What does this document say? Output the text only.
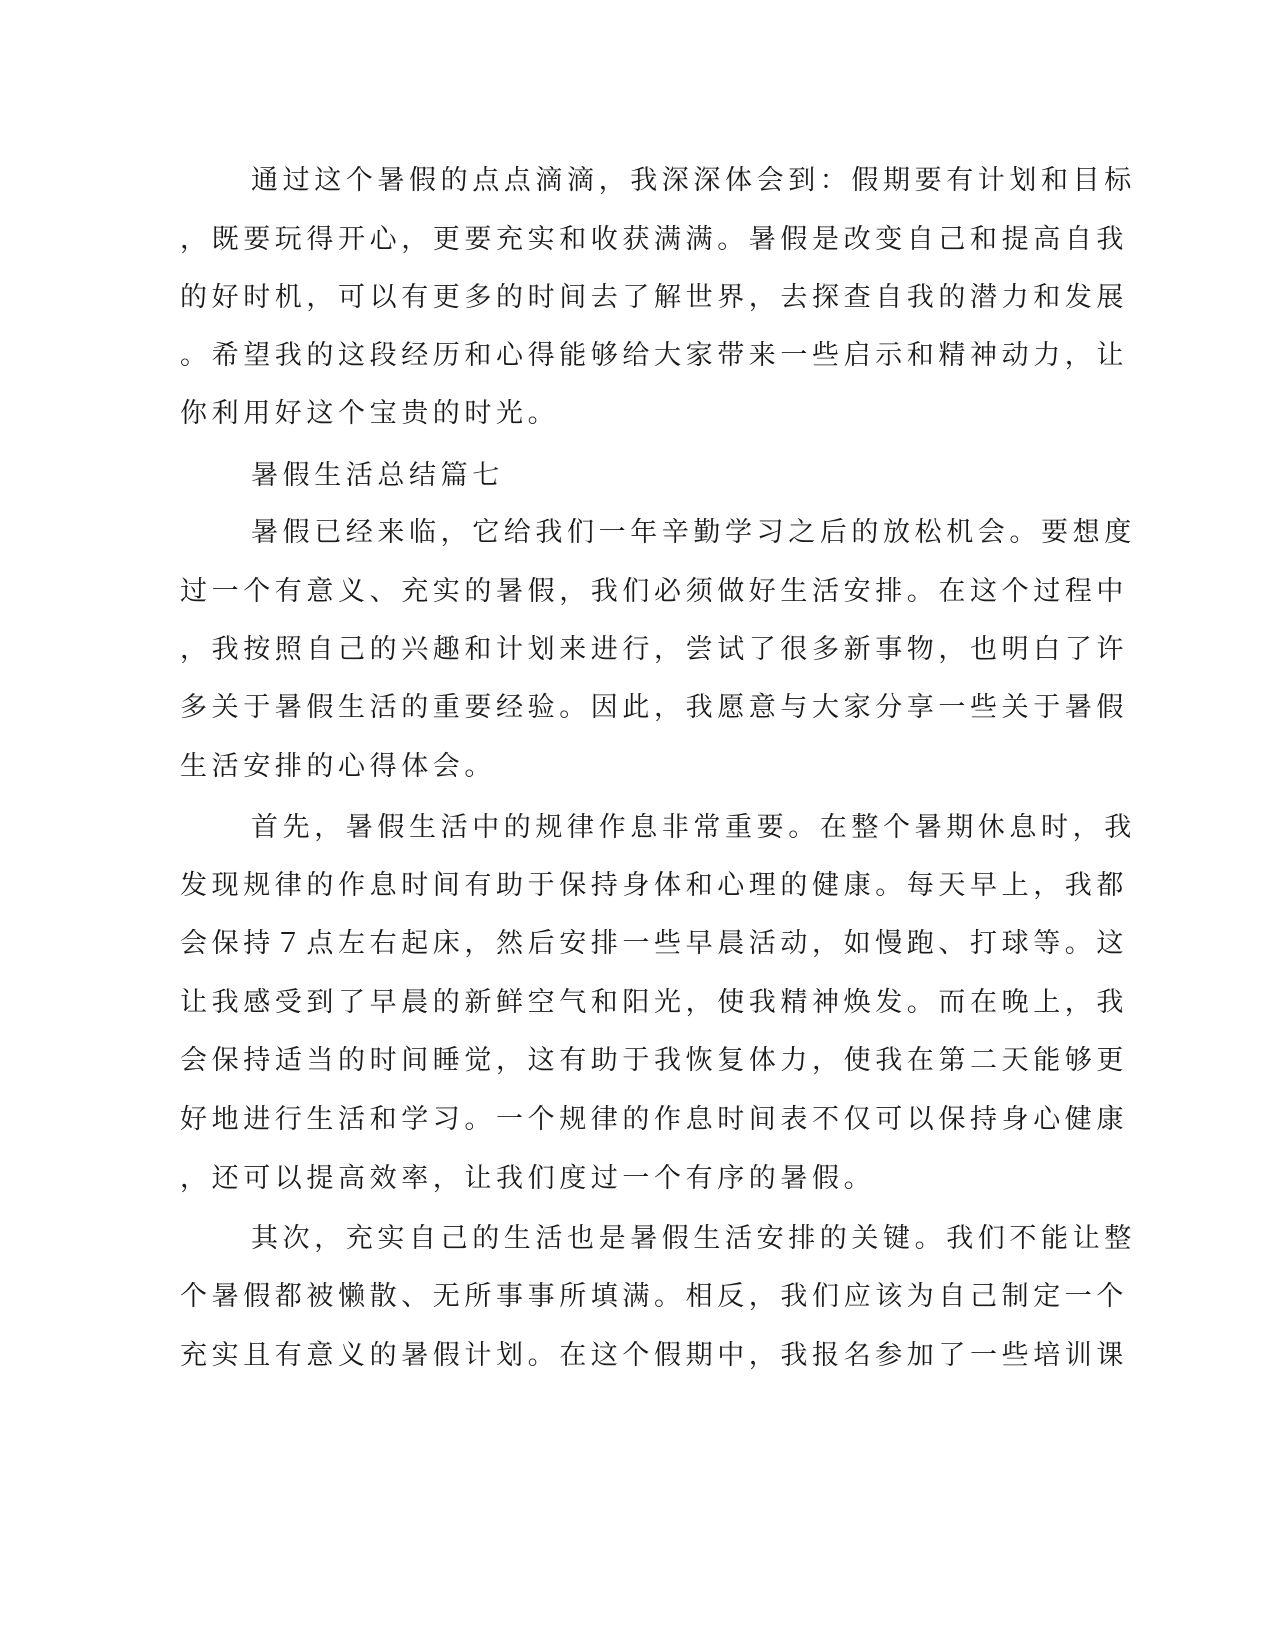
通过这个暑假的点点滴滴，我深深体会到：假期要有计划和目标
，既要玩得开心，更要充实和收获满满。暑假是改变自己和提高自我
的好时机，可以有更多的时间去了解世界，去探查自我的潜力和发展
。希望我的这段经历和心得能够给大家带来一些启示和精神动力，让
你利用好这个宝贵的时光。
暑假生活总结篇七
暑假已经来临，它给我们一年辛勤学习之后的放松机会。要想度
过一个有意义、充实的暑假，我们必须做好生活安排。在这个过程中
，我按照自己的兴趣和计划来进行，尝试了很多新事物，也明白了许
多关于暑假生活的重要经验。因此，我愿意与大家分享一些关于暑假
生活安排的心得体会。
首先，暑假生活中的规律作息非常重要。在整个暑期休息时，我
发现规律的作息时间有助于保持身体和心理的健康。每天早上，我都
会保持７点左右起床，然后安排一些早晨活动，如慢跑、打球等。这
让我感受到了早晨的新鲜空气和阳光，使我精神焕发。而在晚上，我
会保持适当的时间睡觉，这有助于我恢复体力，使我在第二天能够更
好地进行生活和学习。一个规律的作息时间表不仅可以保持身心健康
，还可以提高效率，让我们度过一个有序的暑假。
其次，充实自己的生活也是暑假生活安排的关键。我们不能让整
个暑假都被懒散、无所事事所填满。相反，我们应该为自己制定一个
充实且有意义的暑假计划。在这个假期中，我报名参加了一些培训课
